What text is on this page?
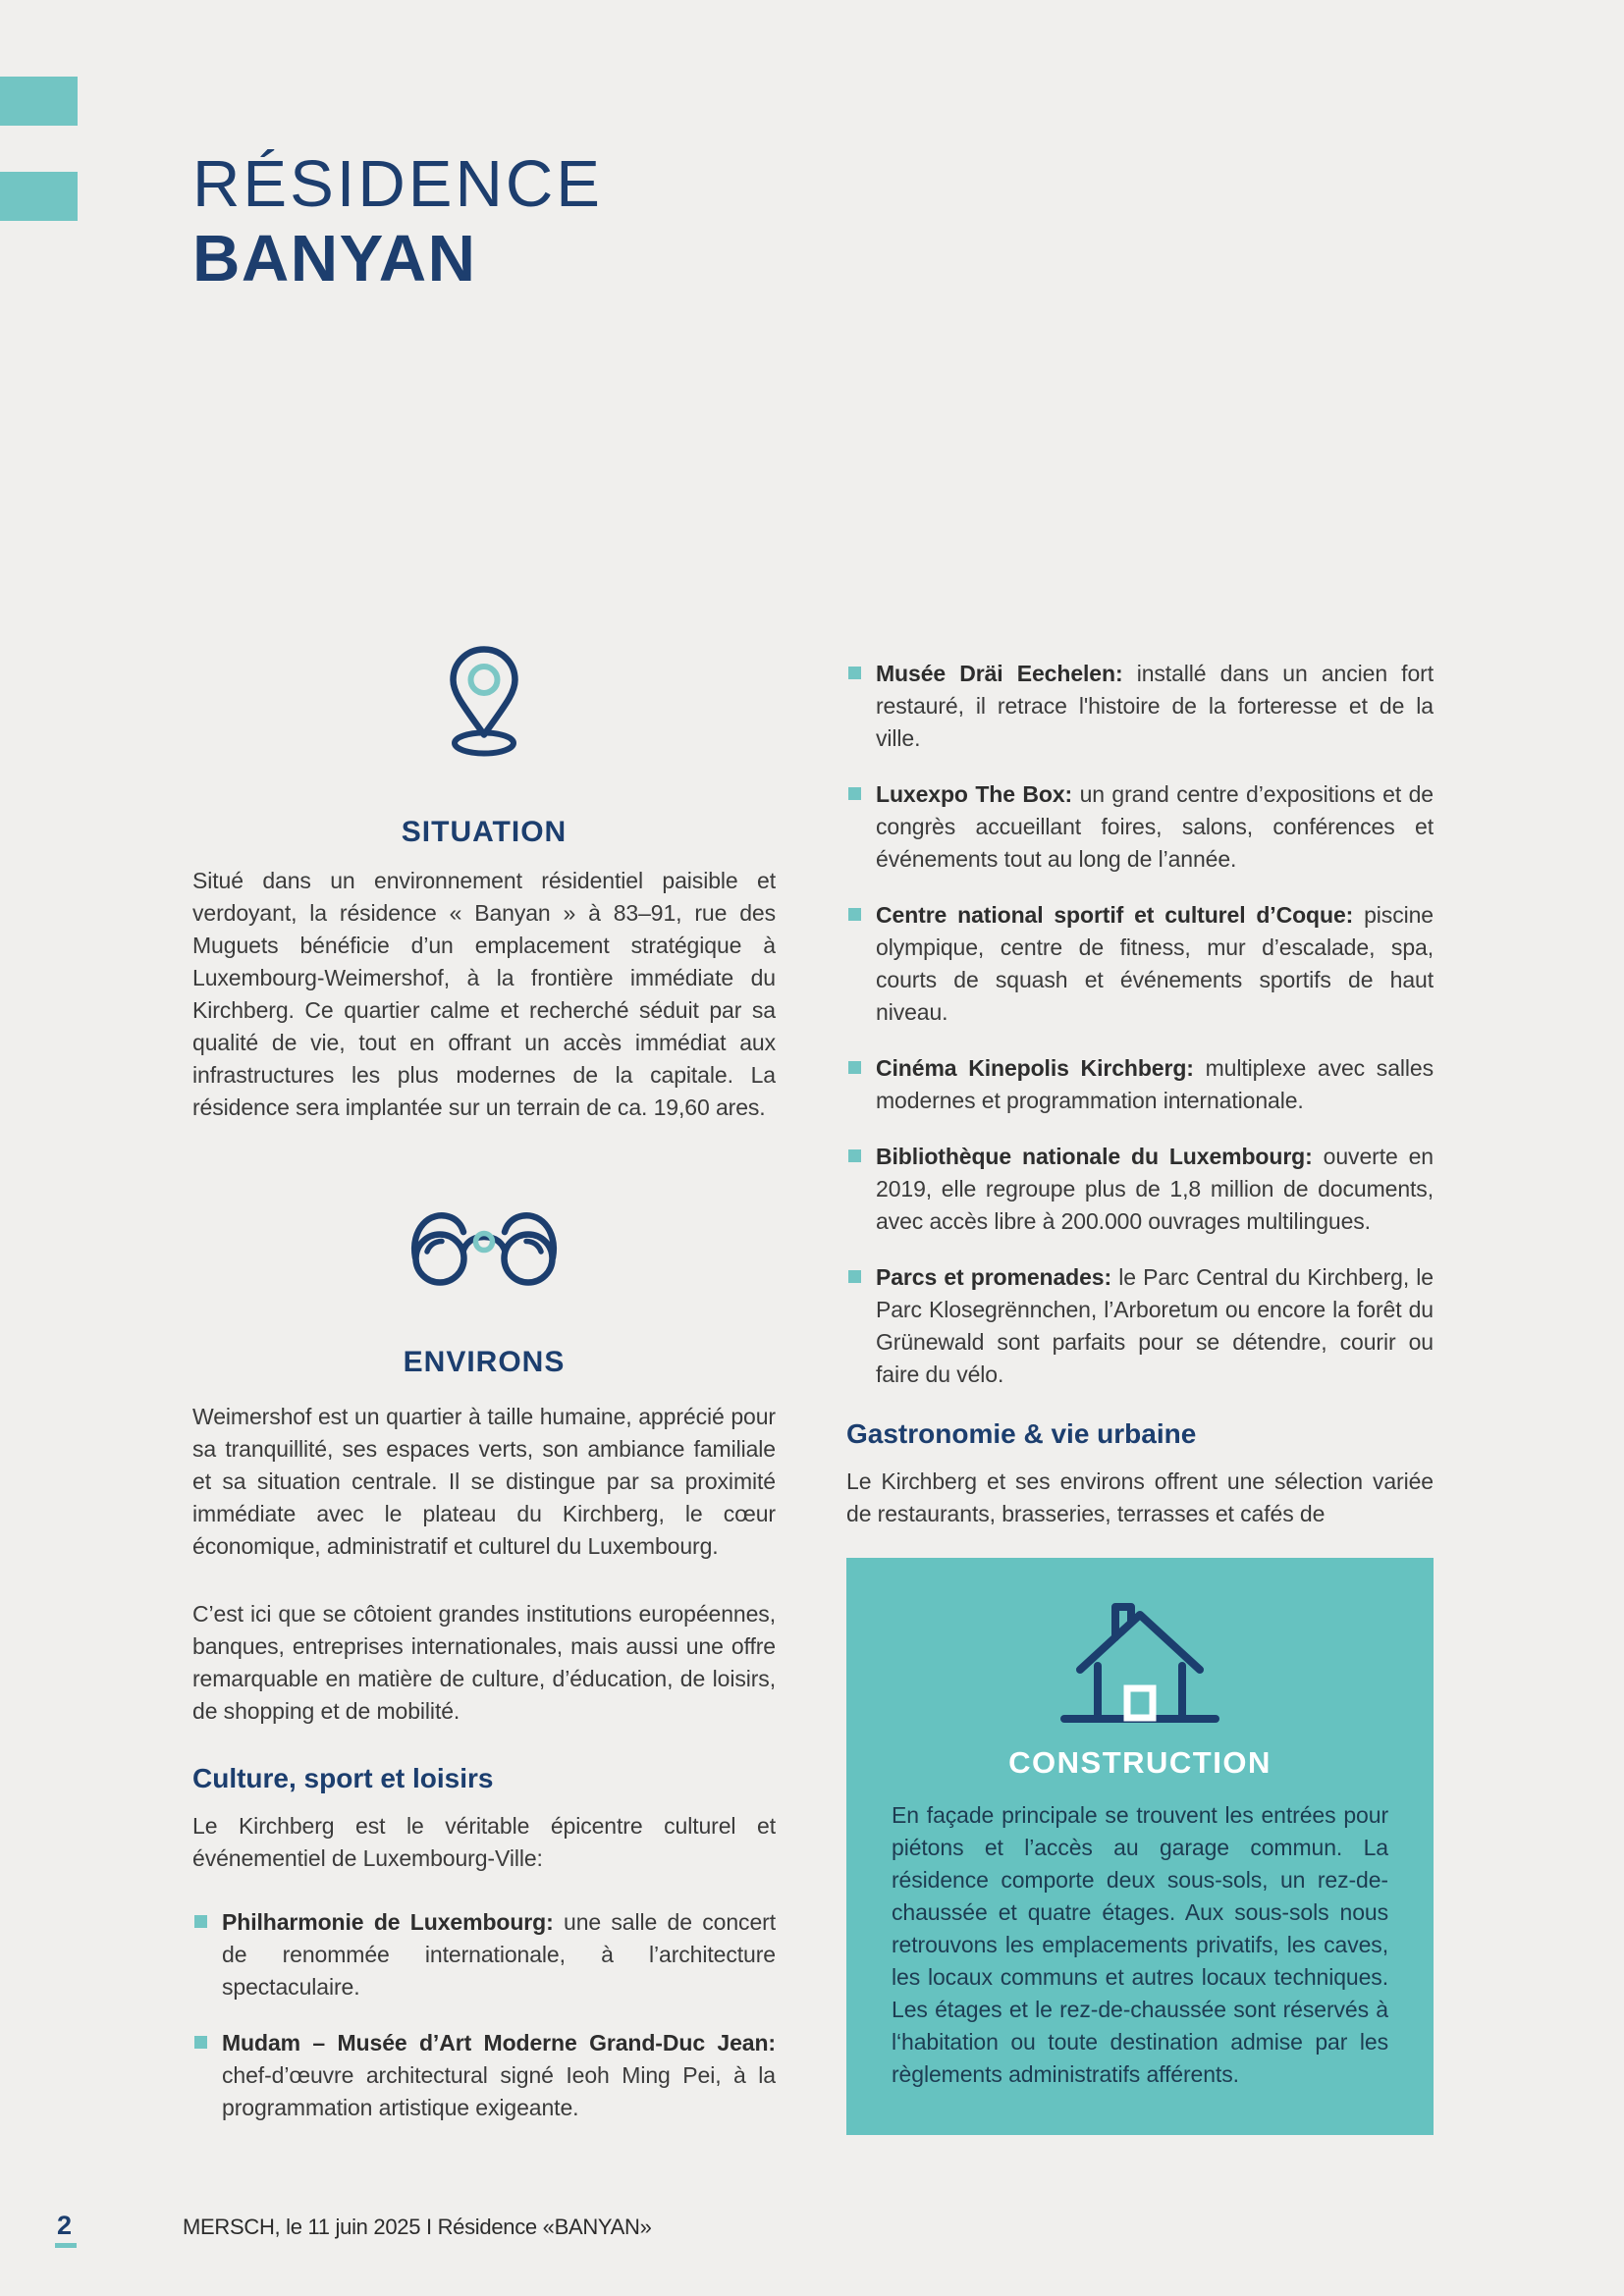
RÉSIDENCE
BANYAN
SITUATION

Situé dans un environnement résidentiel paisible et verdoyant, la résidence « Banyan » à 83–91, rue des Muguets bénéficie d’un emplacement stratégique à Luxembourg-Weimershof, à la frontière immédiate du Kirchberg. Ce quartier calme et recherché séduit par sa qualité de vie, tout en offrant un accès immédiat aux infrastructures les plus modernes de la capitale. La résidence sera implantée sur un terrain de ca. 19,60 ares.

ENVIRONS

Weimershof est un quartier à taille humaine, apprécié pour sa tranquillité, ses espaces verts, son ambiance familiale et sa situation centrale. Il se distingue par sa proximité immédiate avec le plateau du Kirchberg, le cœur économique, administratif et culturel du Luxembourg.

C’est ici que se côtoient grandes institutions européennes, banques, entreprises internationales, mais aussi une offre remarquable en matière de culture, d’éducation, de loisirs, de shopping et de mobilité.

Culture, sport et loisirs

Le Kirchberg est le véritable épicentre culturel et événementiel de Luxembourg-Ville:

Philharmonie de Luxembourg: une salle de concert de renommée internationale, à l’architecture spectaculaire.

Mudam – Musée d’Art Moderne Grand-Duc Jean: chef-d’œuvre architectural signé Ieoh Ming Pei, à la programmation artistique exigeante.

Musée Dräi Eechelen: installé dans un ancien fort restauré, il retrace l'histoire de la forteresse et de la ville.

Luxexpo The Box: un grand centre d’expositions et de congrès accueillant foires, salons, conférences et événements tout au long de l’année.

Centre national sportif et culturel d’Coque: piscine olympique, centre de fitness, mur d’escalade, spa, courts de squash et événements sportifs de haut niveau.

Cinéma Kinepolis Kirchberg: multiplexe avec salles modernes et programmation internationale.

Bibliothèque nationale du Luxembourg: ouverte en 2019, elle regroupe plus de 1,8 million de documents, avec accès libre à 200.000 ouvrages multilingues.

Parcs et promenades: le Parc Central du Kirchberg, le Parc Klosegrënnchen, l’Arboretum ou encore la forêt du Grünewald sont parfaits pour se détendre, courir ou faire du vélo.

Gastronomie & vie urbaine

Le Kirchberg et ses environs offrent une sélection variée de restaurants, brasseries, terrasses et cafés de

CONSTRUCTION

En façade principale se trouvent les entrées pour piétons et l’accès au garage commun. La résidence comporte deux sous-sols, un rez-de-chaussée et quatre étages. Aux sous-sols nous retrouvons les emplacements privatifs, les caves, les locaux communs et autres locaux techniques. Les étages et le rez-de-chaussée sont réservés à l‘habitation ou toute destination admise par les règlements administratifs afférents.

2	MERSCH, le 11 juin 2025 I Résidence «BANYAN»
